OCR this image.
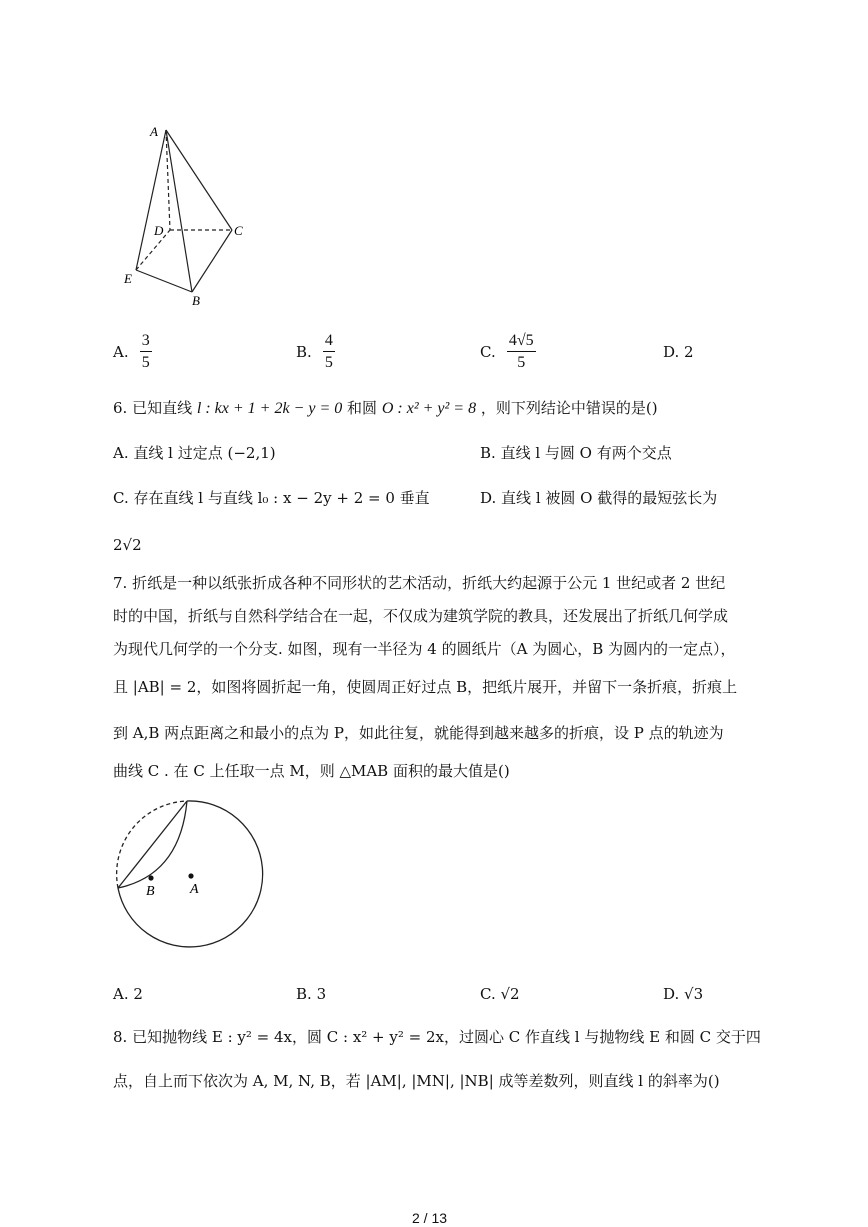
A
D	C
E
B
A. $\frac{3}{5}$	B. $\frac{4}{5}$	C. $\frac{4√5}{5}$	D. 2
6. 已知直线 l : kx + 1 + 2k − y = 0 和圆 O : x² + y² = 8 ，则下列结论中错误的是()
A. 直线 l 过定点 (−2,1)	B. 直线 l 与圆 O 有两个交点
C. 存在直线 l 与直线 l₀ : x − 2y + 2 = 0 垂直	D. 直线 l 被圆 O 截得的最短弦长为
2√2
7. 折纸是一种以纸张折成各种不同形状的艺术活动，折纸大约起源于公元 1 世纪或者 2 世纪
时的中国，折纸与自然科学结合在一起，不仅成为建筑学院的教具，还发展出了折纸几何学成
为现代几何学的一个分支. 如图，现有一半径为 4 的圆纸片（A 为圆心，B 为圆内的一定点），
且 |AB| = 2，如图将圆折起一角，使圆周正好过点 B，把纸片展开，并留下一条折痕，折痕上
到 A,B 两点距离之和最小的点为 P，如此往复，就能得到越来越多的折痕，设 P 点的轨迹为
曲线 C . 在 C 上任取一点 M，则 △MAB 面积的最大值是()
B	A
A. 2	B. 3	C. √2	D. √3
8. 已知抛物线 E : y² = 4x，圆 C : x² + y² = 2x，过圆心 C 作直线 l 与抛物线 E 和圆 C 交于四
点，自上而下依次为 A, M, N, B，若 |AM|, |MN|, |NB| 成等差数列，则直线 l 的斜率为()
2 / 13
